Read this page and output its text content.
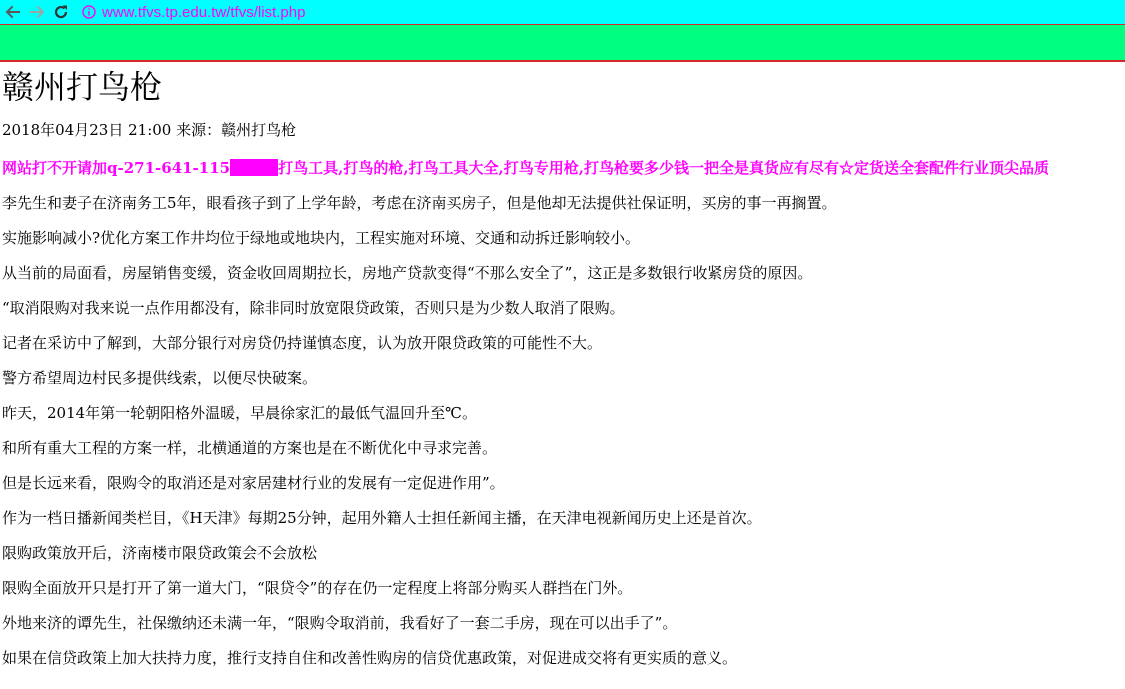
www.tfvs.tp.edu.tw/tfvs/list.php
赣州打鸟枪
2018年04月23日 21:00 来源：赣州打鸟枪
网站打不开请加q-271-641-115	打鸟工具,打鸟的枪,打鸟工具大全,打鸟专用枪,打鸟枪要多少钱一把全是真货应有尽有☆定货送全套配件行业顶尖品质
李先生和妻子在济南务工5年，眼看孩子到了上学年龄，考虑在济南买房子，但是他却无法提供社保证明，买房的事一再搁置。
实施影响减小?优化方案工作井均位于绿地或地块内，工程实施对环境、交通和动拆迁影响较小。
从当前的局面看，房屋销售变缓，资金收回周期拉长，房地产贷款变得“不那么安全了”，这正是多数银行收紧房贷的原因。
“取消限购对我来说一点作用都没有，除非同时放宽限贷政策，否则只是为少数人取消了限购。
记者在采访中了解到，大部分银行对房贷仍持谨慎态度，认为放开限贷政策的可能性不大。
警方希望周边村民多提供线索，以便尽快破案。
昨天，2014年第一轮朝阳格外温暖，早晨徐家汇的最低气温回升至℃。
和所有重大工程的方案一样，北横通道的方案也是在不断优化中寻求完善。
但是长远来看，限购令的取消还是对家居建材行业的发展有一定促进作用”。
作为一档日播新闻类栏目，《H天津》每期25分钟，起用外籍人士担任新闻主播，在天津电视新闻历史上还是首次。
限购政策放开后，济南楼市限贷政策会不会放松
限购全面放开只是打开了第一道大门，“限贷令”的存在仍一定程度上将部分购买人群挡在门外。
外地来济的谭先生，社保缴纳还未满一年，“限购令取消前，我看好了一套二手房，现在可以出手了”。
如果在信贷政策上加大扶持力度，推行支持自住和改善性购房的信贷优惠政策，对促进成交将有更实质的意义。
